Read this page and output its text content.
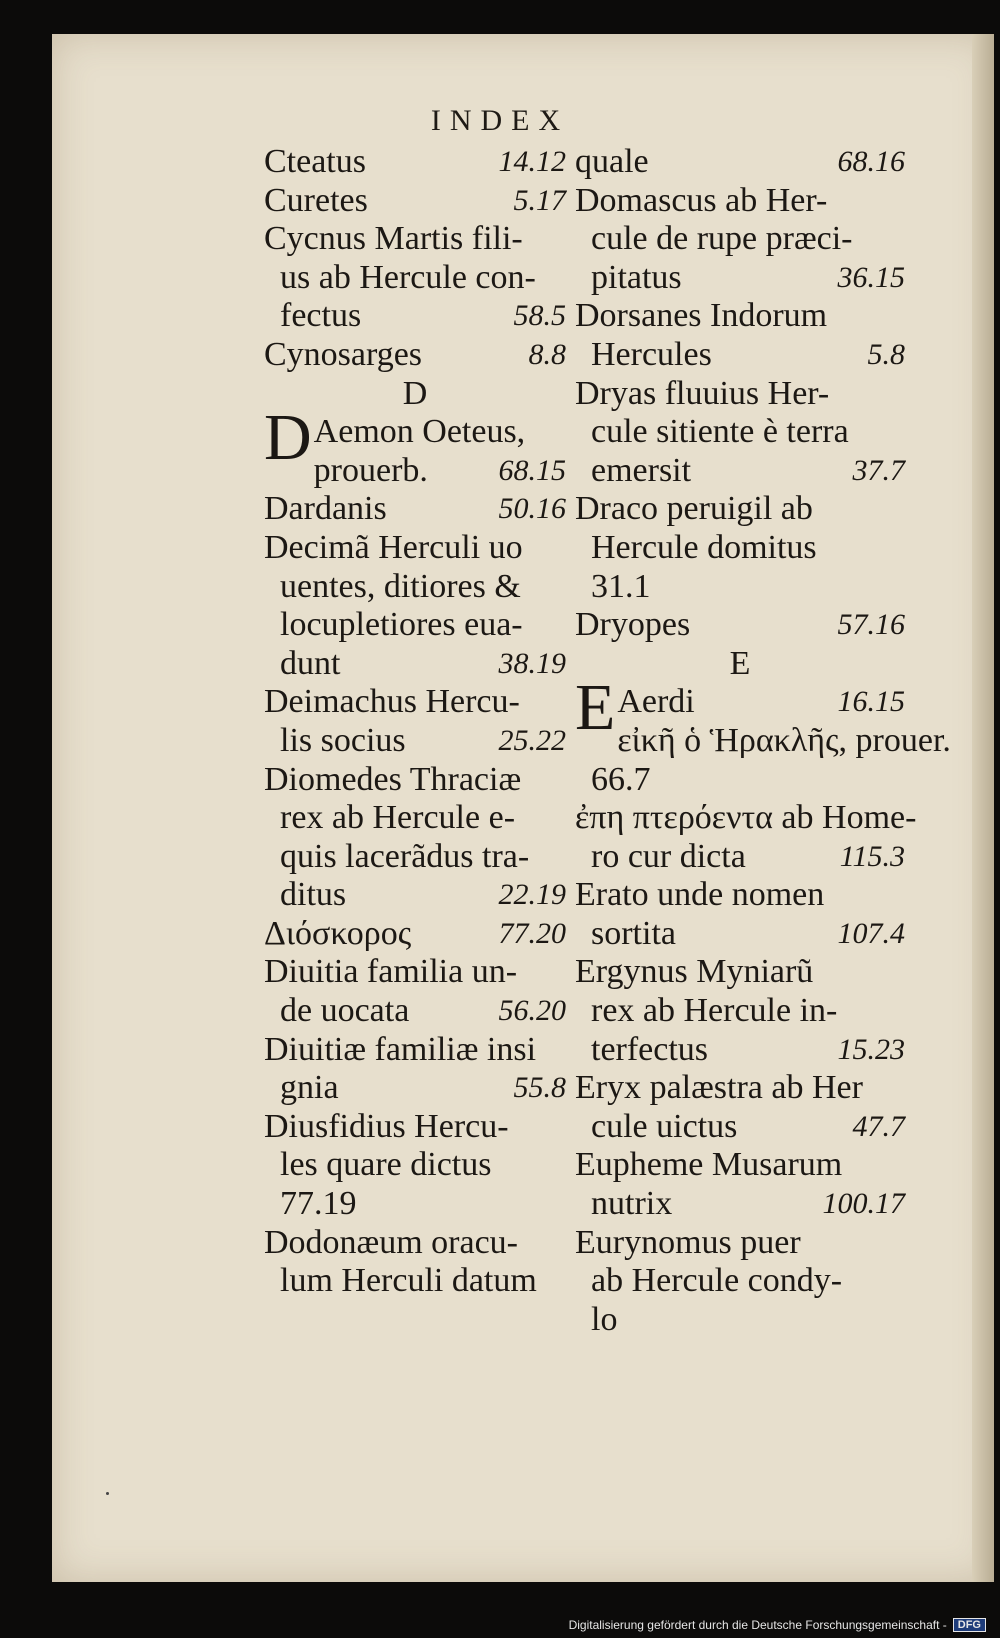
INDEX
Cteatus	14.12
Curetes	5.17
Cycnus Martis fili-
us ab Hercule con-
fectus	58.5
Cynosarges	8.8
D
D Aemon Oeteus,
prouerb. 68.15
Dardanis	50.16
Decimã Herculi uo
uentes, ditiores &
locupletiores eua-
dunt	38.19
Deimachus Hercu-
lis socius	25.22
Diomedes Thraciæ
rex ab Hercule e-
quis lacerãdus tra-
ditus	22.19
Διόσκορος	77.20
Diuitia familia un-
de uocata	56.20
Diuitiæ familiæ insi
gnia	55.8
Diusfidius Hercu-
les quare dictus
77.19
Dodonæum oracu-
lum Herculi datum
quale	68.16
Domascus ab Her-
cule de rupe præci-
pitatus	36.15
Dorsanes Indorum
Hercules	5.8
Dryas fluuius Her-
cule sitiente è terra
emersit	37.7
Draco peruigil ab
Hercule domitus
31.1
Dryopes	57.16
E
E Aerdi	16.15
εἰκῆ ὁ Ἡρακλῆς, prouer.
66.7
ἐπη πτερόεντα ab Home-
ro cur dicta	115.3
Erato unde nomen
sortita	107.4
Ergynus Myniarũ
rex ab Hercule in-
terfectus	15.23
Eryx palæstra ab Her
cule uictus	47.7
Eupheme Musarum
nutrix	100.17
Eurynomus puer
ab Hercule condy-
lo
Digitalisierung gefördert durch die Deutsche Forschungsgemeinschaft -	DFG
